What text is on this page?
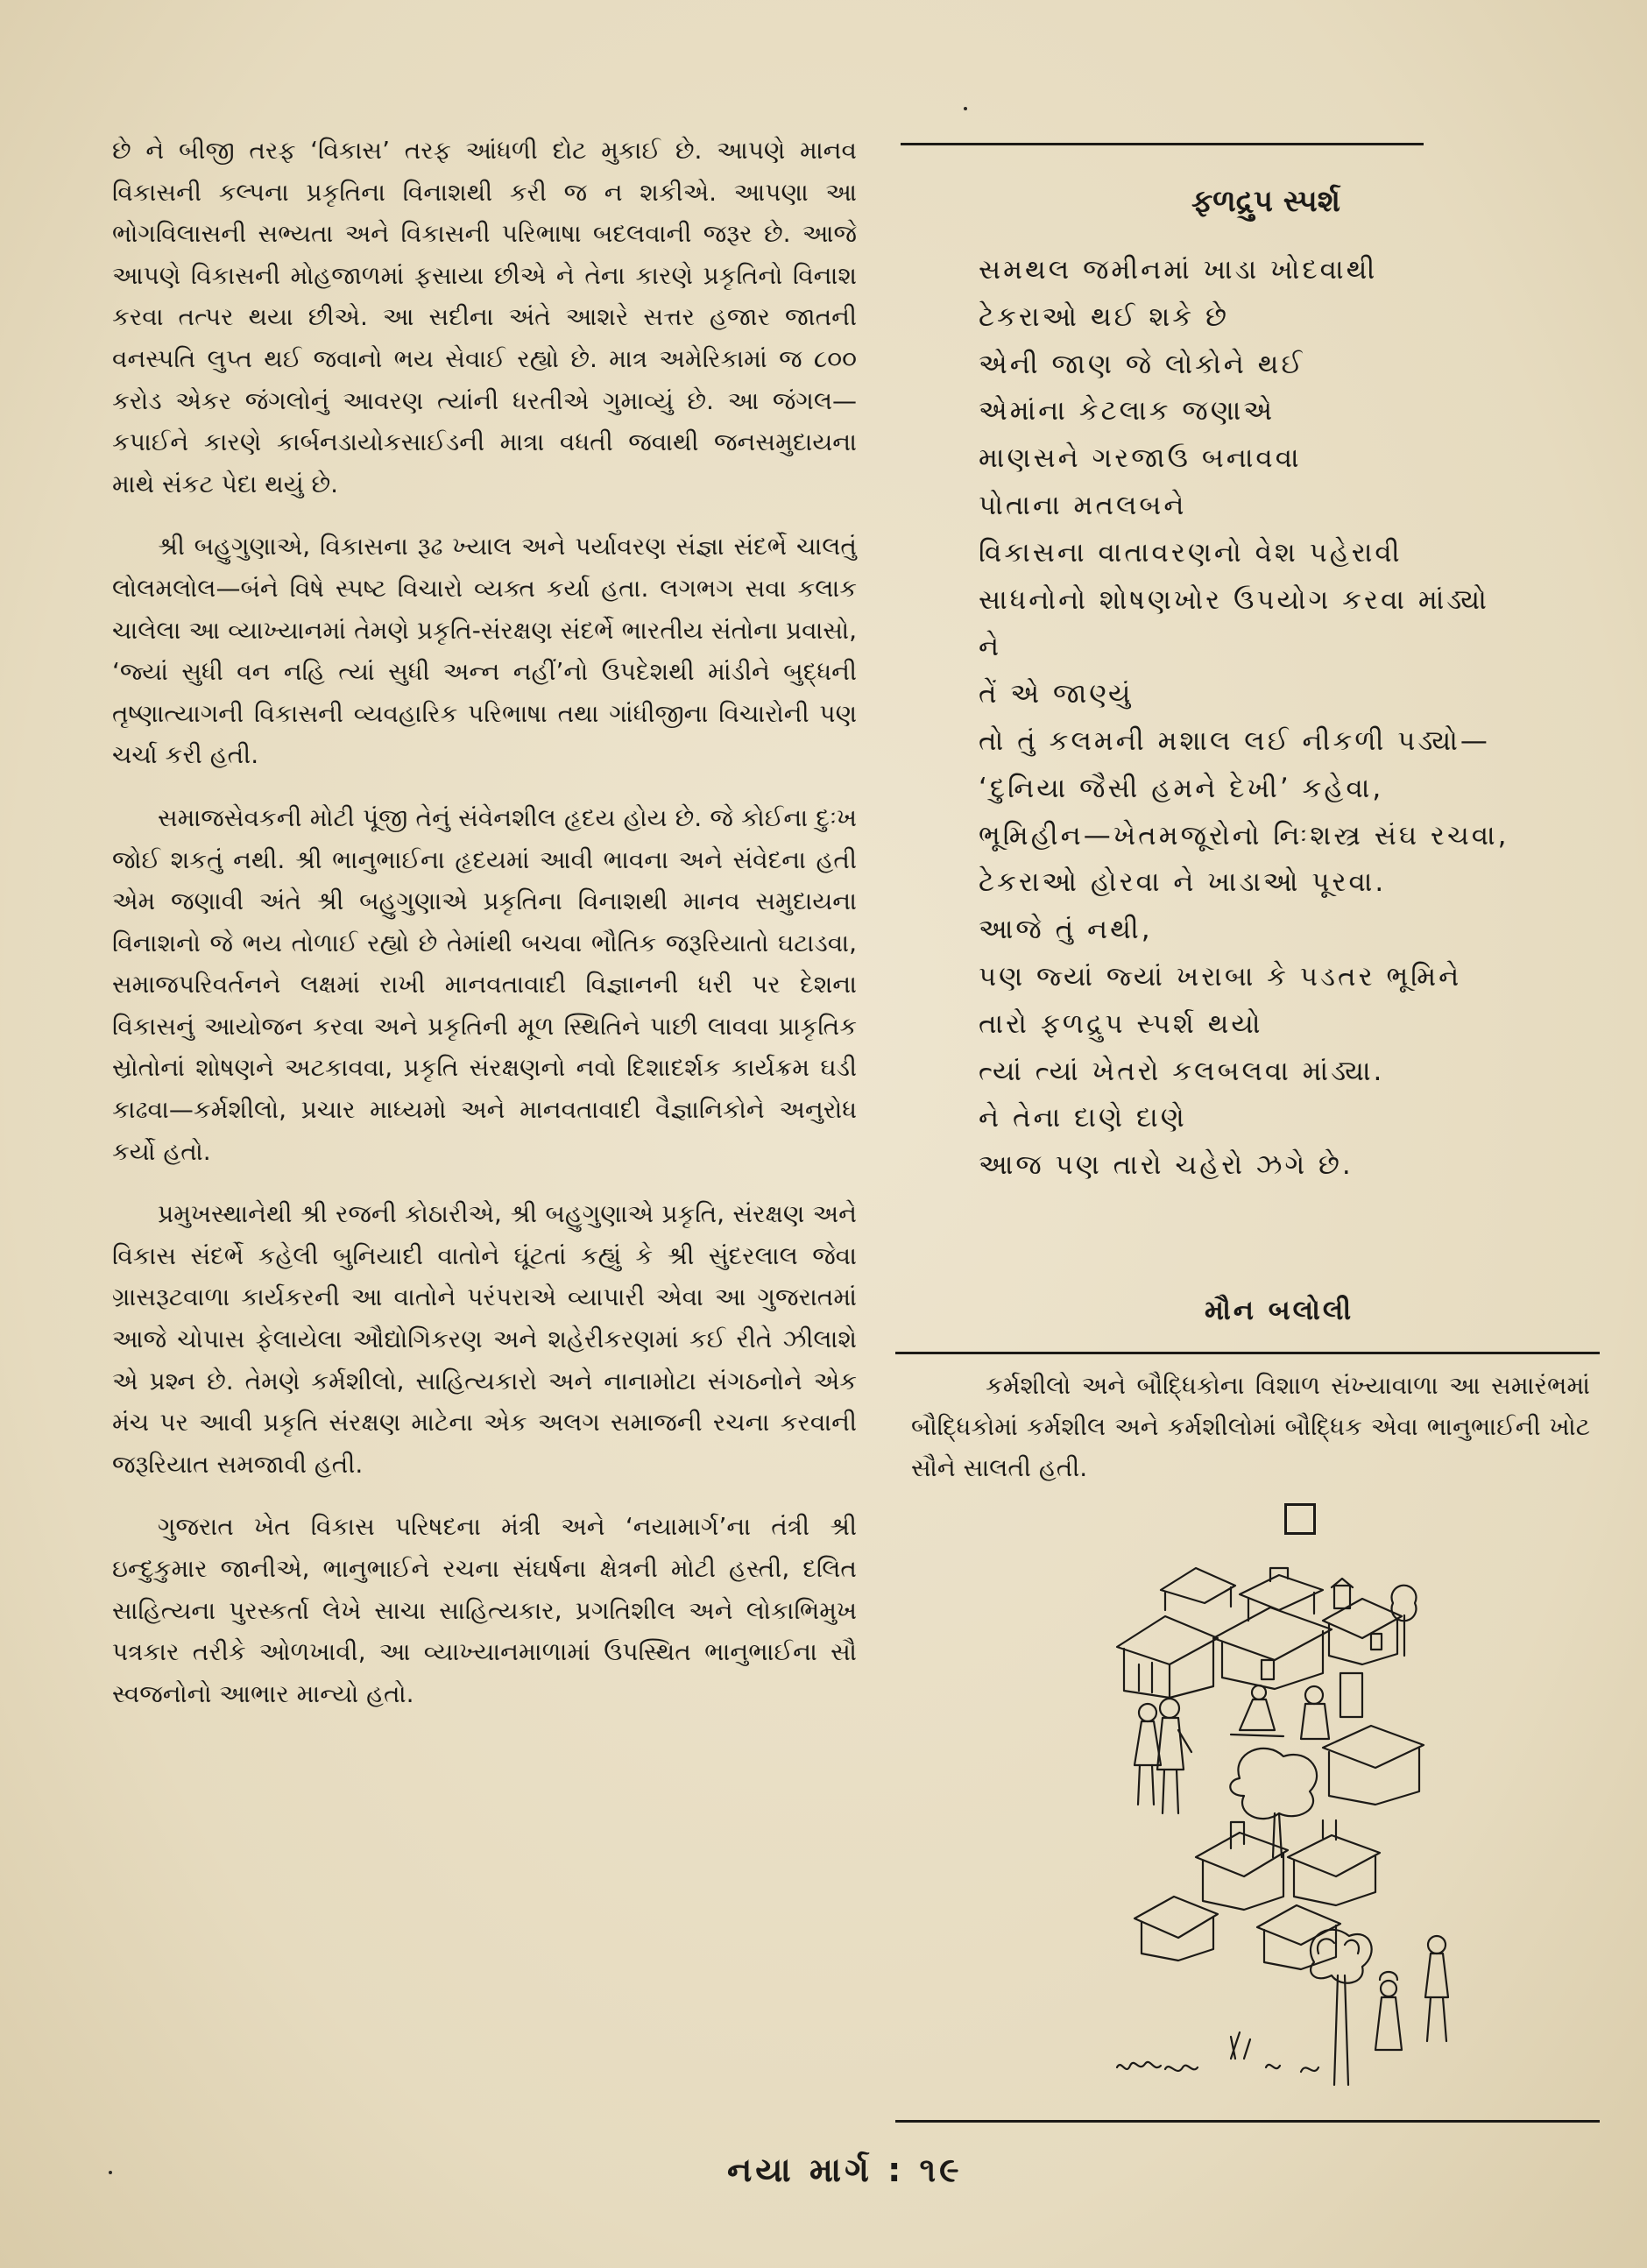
છે ને બીજી તરફ ‘વિકાસ’ તરફ આંધળી દોટ મુકાઈ છે. આપણે માનવ વિકાસની કલ્પના પ્રકૃતિના વિનાશથી કરી જ ન શકીએ. આપણા આ ભોગવિલાસની સભ્યતા અને વિકાસની પરિભાષા બદલવાની જરૂર છે. આજે આપણે વિકાસની મોહજાળમાં ફસાયા છીએ ને તેના કારણે પ્રકૃતિનો વિનાશ કરવા તત્પર થયા છીએ. આ સદીના અંતે આશરે સત્તર હજાર જાતની વનસ્પતિ લુપ્ત થઈ જવાનો ભય સેવાઈ રહ્યો છે. માત્ર અમેરિકામાં જ ૮૦૦ કરોડ એકર જંગલોનું આવરણ ત્યાંની ધરતીએ ગુમાવ્યું છે. આ જંગલ—કપાઈને કારણે કાર્બનડાયોકસાઈડની માત્રા વધતી જવાથી જનસમુદાયના માથે સંકટ પેદા થયું છે.

શ્રી બહુગુણાએ, વિકાસના રૂઢ ખ્યાલ અને પર્યાવરણ સંજ્ઞા સંદર્ભે ચાલતું લોલમલોલ—બંને વિષે સ્પષ્ટ વિચારો વ્યક્ત કર્યા હતા. લગભગ સવા કલાક ચાલેલા આ વ્યાખ્યાનમાં તેમણે પ્રકૃતિ-સંરક્ષણ સંદર્ભે ભારતીય સંતોના પ્રવાસો, ‘જ્યાં સુધી વન નહિ ત્યાં સુધી અન્ન નહીં’નો ઉપદેશથી માંડીને બુદ્ધની તૃષ્ણાત્યાગની વિકાસની વ્યવહારિક પરિભાષા તથા ગાંધીજીના વિચારોની પણ ચર્ચા કરી હતી.

સમાજસેવકની મોટી પૂંજી તેનું સંવેનશીલ હૃદય હોય છે. જે કોઈના દુઃખ જોઈ શકતું નથી. શ્રી ભાનુભાઈના હૃદયમાં આવી ભાવના અને સંવેદના હતી એમ જણાવી અંતે શ્રી બહુગુણાએ પ્રકૃતિના વિનાશથી માનવ સમુદાયના વિનાશનો જે ભય તોળાઈ રહ્યો છે તેમાંથી બચવા ભૌતિક જરૂરિયાતો ઘટાડવા, સમાજપરિવર્તનને લક્ષમાં રાખી માનવતાવાદી વિજ્ઞાનની ધરી પર દેશના વિકાસનું આયોજન કરવા અને પ્રકૃતિની મૂળ સ્થિતિને પાછી લાવવા પ્રાકૃતિક સ્રોતોનાં શોષણને અટકાવવા, પ્રકૃતિ સંરક્ષણનો નવો દિશાદર્શક કાર્યક્રમ ઘડી કાઢવા—કર્મશીલો, પ્રચાર માધ્યમો અને માનવતાવાદી વૈજ્ઞાનિકોને અનુરોધ કર્યો હતો.

પ્રમુખસ્થાનેથી શ્રી રજની કોઠારીએ, શ્રી બહુગુણાએ પ્રકૃતિ, સંરક્ષણ અને વિકાસ સંદર્ભે કહેલી બુનિયાદી વાતોને ઘૂંટતાં કહ્યું કે શ્રી સુંદરલાલ જેવા ગ્રાસરૂટવાળા કાર્યકરની આ વાતોને પરંપરાએ વ્યાપારી એવા આ ગુજરાતમાં આજે ચોપાસ ફેલાયેલા ઔદ્યોગિકરણ અને શહેરીકરણમાં કઈ રીતે ઝીલાશે એ પ્રશ્ન છે. તેમણે કર્મશીલો, સાહિત્યકારો અને નાનામોટા સંગઠનોને એક મંચ પર આવી પ્રકૃતિ સંરક્ષણ માટેના એક અલગ સમાજની રચના કરવાની જરૂરિયાત સમજાવી હતી.

ગુજરાત ખેત વિકાસ પરિષદના મંત્રી અને ‘નયામાર્ગ’ના તંત્રી શ્રી ઇન્દુકુમાર જાનીએ, ભાનુભાઈને રચના સંઘર્ષના ક્ષેત્રની મોટી હસ્તી, દલિત સાહિત્યના પુરસ્કર્તા લેખે સાચા સાહિત્યકાર, પ્રગતિશીલ અને લોકાભિમુખ પત્રકાર તરીકે ઓળખાવી, આ વ્યાખ્યાનમાળામાં ઉપસ્થિત ભાનુભાઈના સૌ સ્વજનોનો આભાર માન્યો હતો.

ફળદ્રુપ સ્પર્શ
સમથલ જમીનમાં ખાડા ખોદવાથી
ટેકરાઓ થઈ શકે છે
એની જાણ જે લોકોને થઈ
એમાંના કેટલાક જણાએ
માણસને ગરજાઉ બનાવવા
પોતાના મતલબને
વિકાસના વાતાવરણનો વેશ પહેરાવી
સાધનોનો શોષણખોર ઉપયોગ કરવા માંડ્યો
ને
તેં એ જાણ્યું
તો તું કલમની મશાલ લઈ નીકળી પડ્યો—
‘દુનિયા જૈસી હમને દેખી’ કહેવા,
ભૂમિહીન—ખેતમજૂરોનો નિઃશસ્ત્ર સંઘ રચવા,
ટેકરાઓ હોરવા ને ખાડાઓ પૂરવા.
આજે તું નથી,
પણ જ્યાં જ્યાં ખરાબા કે પડતર ભૂમિને
તારો ફળદ્રુપ સ્પર્શ થયો
ત્યાં ત્યાં ખેતરો કલબલવા માંડ્યા.
ને તેના દાણે દાણે
આજ પણ તારો ચહેરો ઝગે છે.
મૌન બલોલી
કર્મશીલો અને બૌદ્ધિકોના વિશાળ સંખ્યાવાળા આ સમારંભમાં બૌદ્ધિકોમાં કર્મશીલ અને કર્મશીલોમાં બૌદ્ધિક એવા ભાનુભાઈની ખોટ સૌને સાલતી હતી.
નયા માર્ગ : ૧૯
